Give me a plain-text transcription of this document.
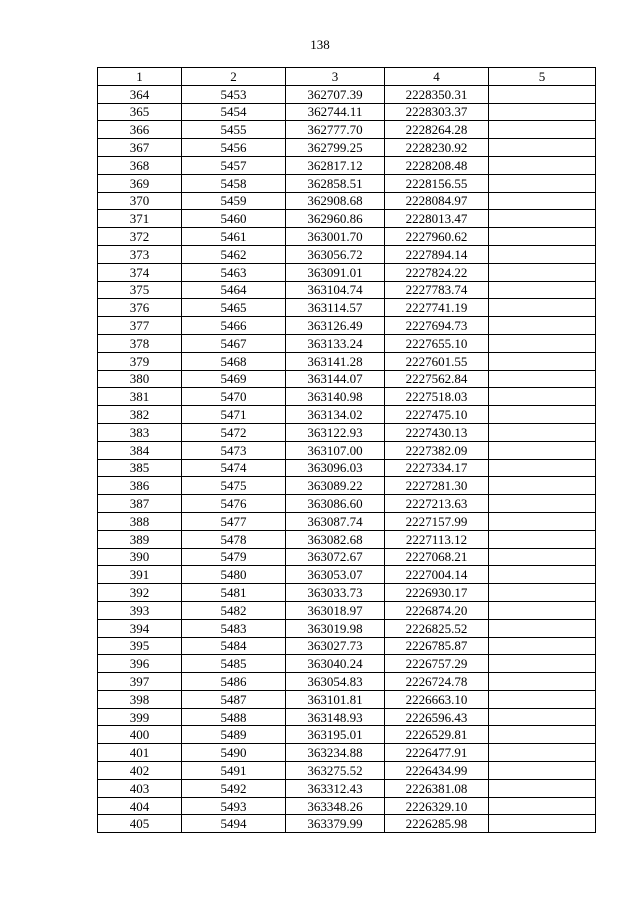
138
1	2	3	4	5
364	5453	362707.39	2228350.31	
365	5454	362744.11	2228303.37	
366	5455	362777.70	2228264.28	
367	5456	362799.25	2228230.92	
368	5457	362817.12	2228208.48	
369	5458	362858.51	2228156.55	
370	5459	362908.68	2228084.97	
371	5460	362960.86	2228013.47	
372	5461	363001.70	2227960.62	
373	5462	363056.72	2227894.14	
374	5463	363091.01	2227824.22	
375	5464	363104.74	2227783.74	
376	5465	363114.57	2227741.19	
377	5466	363126.49	2227694.73	
378	5467	363133.24	2227655.10	
379	5468	363141.28	2227601.55	
380	5469	363144.07	2227562.84	
381	5470	363140.98	2227518.03	
382	5471	363134.02	2227475.10	
383	5472	363122.93	2227430.13	
384	5473	363107.00	2227382.09	
385	5474	363096.03	2227334.17	
386	5475	363089.22	2227281.30	
387	5476	363086.60	2227213.63	
388	5477	363087.74	2227157.99	
389	5478	363082.68	2227113.12	
390	5479	363072.67	2227068.21	
391	5480	363053.07	2227004.14	
392	5481	363033.73	2226930.17	
393	5482	363018.97	2226874.20	
394	5483	363019.98	2226825.52	
395	5484	363027.73	2226785.87	
396	5485	363040.24	2226757.29	
397	5486	363054.83	2226724.78	
398	5487	363101.81	2226663.10	
399	5488	363148.93	2226596.43	
400	5489	363195.01	2226529.81	
401	5490	363234.88	2226477.91	
402	5491	363275.52	2226434.99	
403	5492	363312.43	2226381.08	
404	5493	363348.26	2226329.10	
405	5494	363379.99	2226285.98	
